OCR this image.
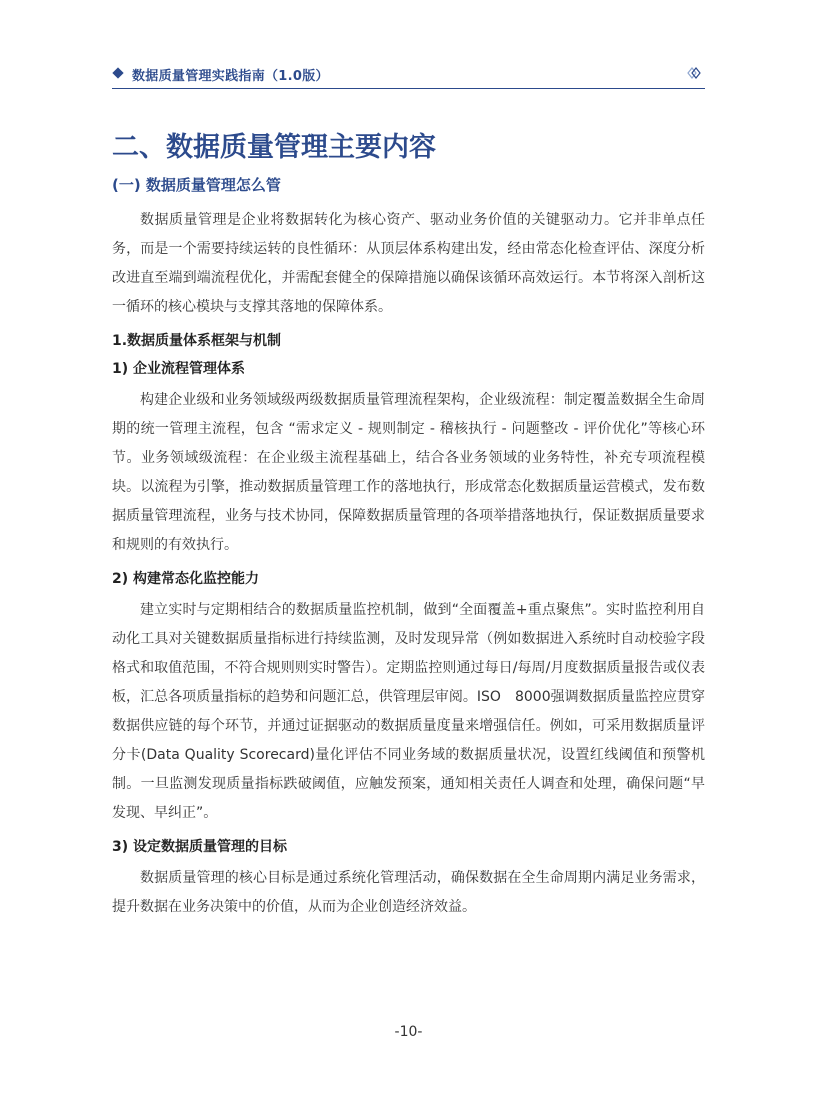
数据质量管理实践指南（1.0版）
二、数据质量管理主要内容
(一) 数据质量管理怎么管

数据质量管理是企业将数据转化为核心资产、驱动业务价值的关键驱动力。它并非单点任务，而是一个需要持续运转的良性循环：从顶层体系构建出发，经由常态化检查评估、深度分析改进直至端到端流程优化，并需配套健全的保障措施以确保该循环高效运行。本节将深入剖析这一循环的核心模块与支撑其落地的保障体系。

1.数据质量体系框架与机制
1) 企业流程管理体系

构建企业级和业务领域级两级数据质量管理流程架构，企业级流程：制定覆盖数据全生命周期的统一管理主流程，包含 “需求定义 - 规则制定 - 稽核执行 - 问题整改 - 评价优化”等核心环节。业务领域级流程：在企业级主流程基础上，结合各业务领域的业务特性，补充专项流程模块。以流程为引擎，推动数据质量管理工作的落地执行，形成常态化数据质量运营模式，发布数据质量管理流程，业务与技术协同，保障数据质量管理的各项举措落地执行，保证数据质量要求和规则的有效执行。

2) 构建常态化监控能力

建立实时与定期相结合的数据质量监控机制，做到“全面覆盖+重点聚焦”。实时监控利用自动化工具对关键数据质量指标进行持续监测，及时发现异常（例如数据进入系统时自动校验字段格式和取值范围，不符合规则则实时警告）。定期监控则通过每日/每周/月度数据质量报告或仪表板，汇总各项质量指标的趋势和问题汇总，供管理层审阅。ISO　8000强调数据质量监控应贯穿数据供应链的每个环节，并通过证据驱动的数据质量度量来增强信任。例如，可采用数据质量评分卡(Data Quality Scorecard)量化评估不同业务域的数据质量状况，设置红线阈值和预警机制。一旦监测发现质量指标跌破阈值，应触发预案，通知相关责任人调查和处理，确保问题“早发现、早纠正”。

3) 设定数据质量管理的目标

数据质量管理的核心目标是通过系统化管理活动，确保数据在全生命周期内满足业务需求，提升数据在业务决策中的价值，从而为企业创造经济效益。

-10-
